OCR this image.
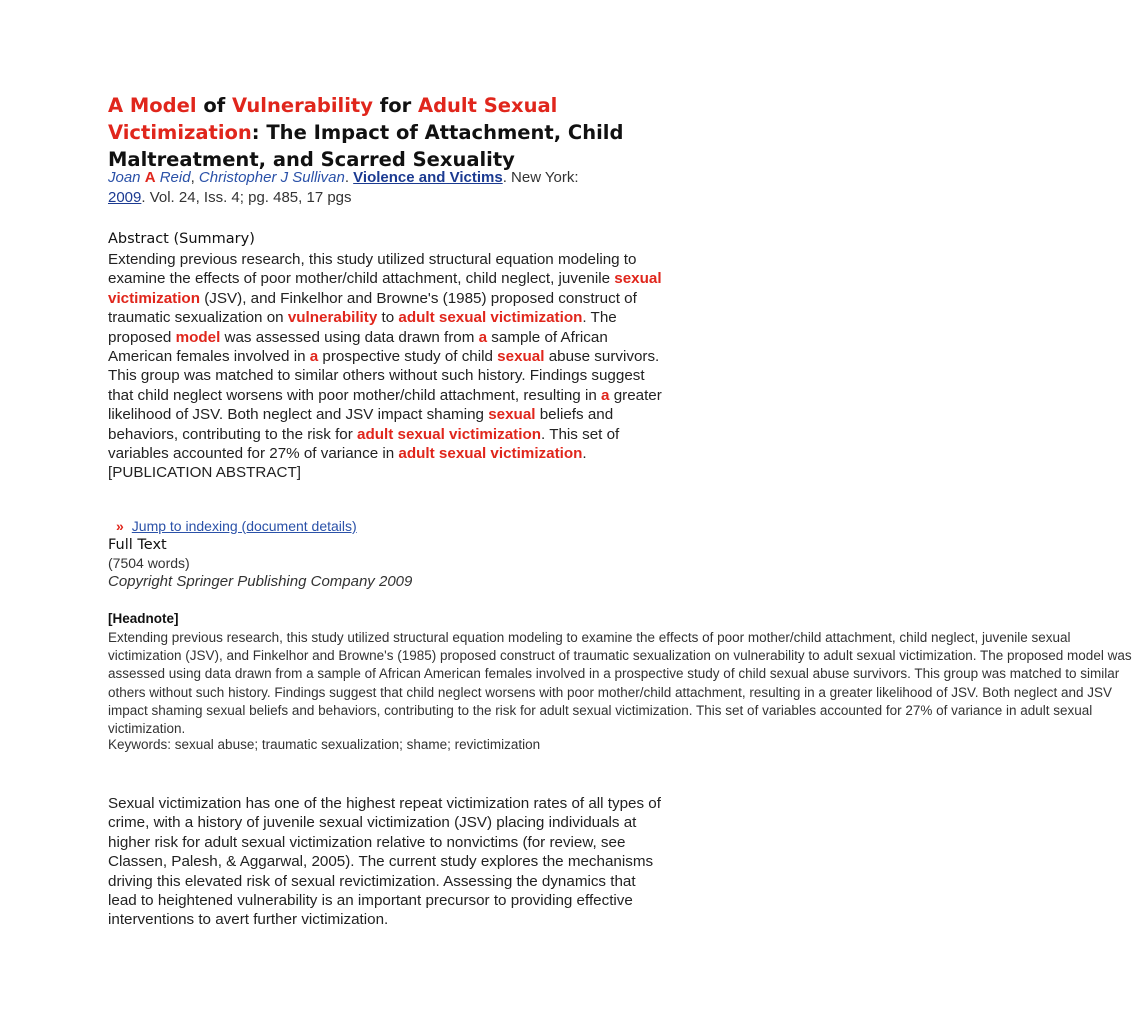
A Model of Vulnerability for Adult Sexual Victimization: The Impact of Attachment, Child Maltreatment, and Scarred Sexuality
Joan A Reid, Christopher J Sullivan. Violence and Victims. New York:
2009. Vol. 24, Iss. 4; pg. 485, 17 pgs
Abstract (Summary)

Extending previous research, this study utilized structural equation modeling to examine the effects of poor mother/child attachment, child neglect, juvenile sexual victimization (JSV), and Finkelhor and Browne's (1985) proposed construct of traumatic sexualization on vulnerability to adult sexual victimization. The proposed model was assessed using data drawn from a sample of African American females involved in a prospective study of child sexual abuse survivors. This group was matched to similar others without such history. Findings suggest that child neglect worsens with poor mother/child attachment, resulting in a greater likelihood of JSV. Both neglect and JSV impact shaming sexual beliefs and behaviors, contributing to the risk for adult sexual victimization. This set of variables accounted for 27% of variance in adult sexual victimization. [PUBLICATION ABSTRACT]

» Jump to indexing (document details)
Full Text
(7504 words)
Copyright Springer Publishing Company 2009
[Headnote]
Extending previous research, this study utilized structural equation modeling to examine the effects of poor mother/child attachment, child neglect, juvenile sexual
victimization (JSV), and Finkelhor and Browne's (1985) proposed construct of traumatic sexualization on vulnerability to adult sexual victimization. The proposed model was
assessed using data drawn from a sample of African American females involved in a prospective study of child sexual abuse survivors. This group was matched to similar
others without such history. Findings suggest that child neglect worsens with poor mother/child attachment, resulting in a greater likelihood of JSV. Both neglect and JSV
impact shaming sexual beliefs and behaviors, contributing to the risk for adult sexual victimization. This set of variables accounted for 27% of variance in adult sexual
victimization.
Keywords: sexual abuse; traumatic sexualization; shame; revictimization

Sexual victimization has one of the highest repeat victimization rates of all types of crime, with a history of juvenile sexual victimization (JSV) placing individuals at higher risk for adult sexual victimization relative to nonvictims (for review, see Classen, Palesh, & Aggarwal, 2005). The current study explores the mechanisms driving this elevated risk of sexual revictimization. Assessing the dynamics that lead to heightened vulnerability is an important precursor to providing effective interventions to avert further victimization.
